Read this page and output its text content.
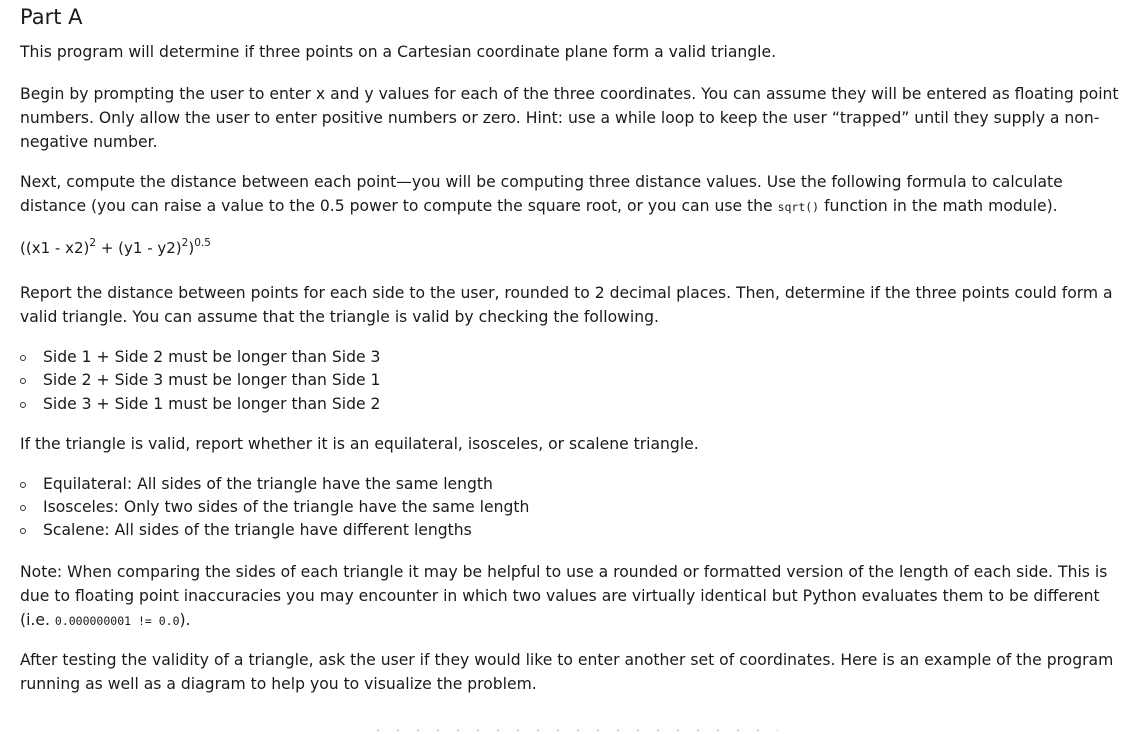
Part A

This program will determine if three points on a Cartesian coordinate plane form a valid triangle.

Begin by prompting the user to enter x and y values for each of the three coordinates. You can assume they will be entered as floating point numbers. Only allow the user to enter positive numbers or zero. Hint: use a while loop to keep the user “trapped” until they supply a non-negative number.

Next, compute the distance between each point—you will be computing three distance values. Use the following formula to calculate distance (you can raise a value to the 0.5 power to compute the square root, or you can use the sqrt() function in the math module).

$((x1 - x2)^2 + (y1 - y2)^2)^{0.5}$

Report the distance between points for each side to the user, rounded to 2 decimal places. Then, determine if the three points could form a valid triangle. You can assume that the triangle is valid by checking the following.

Side 1 + Side 2 must be longer than Side 3
Side 2 + Side 3 must be longer than Side 1
Side 3 + Side 1 must be longer than Side 2

If the triangle is valid, report whether it is an equilateral, isosceles, or scalene triangle.

Equilateral: All sides of the triangle have the same length
Isosceles: Only two sides of the triangle have the same length
Scalene: All sides of the triangle have different lengths

Note: When comparing the sides of each triangle it may be helpful to use a rounded or formatted version of the length of each side. This is due to floating point inaccuracies you may encounter in which two values are virtually identical but Python evaluates them to be different (i.e. 0.000000001 != 0.0).

After testing the validity of a triangle, ask the user if they would like to enter another set of coordinates. Here is an example of the program running as well as a diagram to help you to visualize the problem.
